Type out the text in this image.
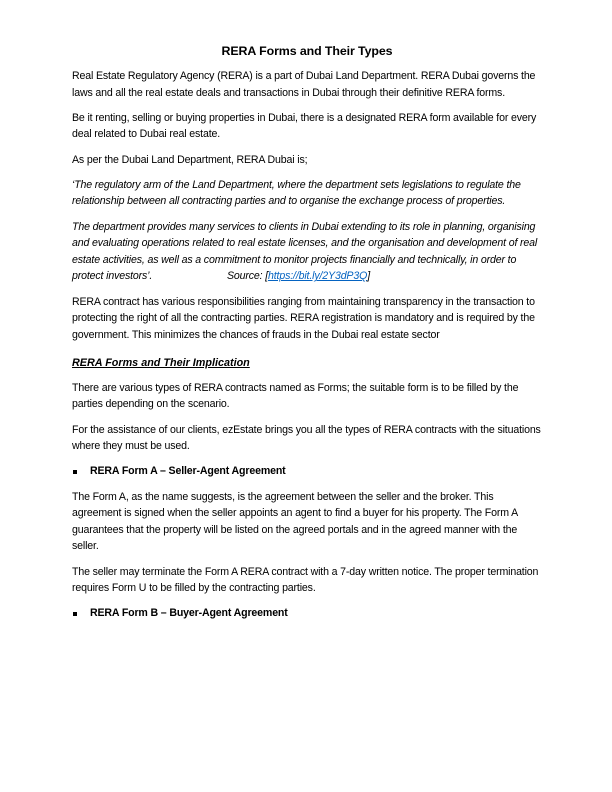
RERA Forms and Their Types

Real Estate Regulatory Agency (RERA) is a part of Dubai Land Department. RERA Dubai governs the laws and all the real estate deals and transactions in Dubai through their definitive RERA forms.

Be it renting, selling or buying properties in Dubai, there is a designated RERA form available for every deal related to Dubai real estate.

As per the Dubai Land Department, RERA Dubai is;

‘The regulatory arm of the Land Department, where the department sets legislations to regulate the relationship between all contracting parties and to organise the exchange process of properties.

The department provides many services to clients in Dubai extending to its role in planning, organising and evaluating operations related to real estate licenses, and the organisation and development of real estate activities, as well as a commitment to monitor projects financially and technically, in order to protect investors’.	Source: [https://bit.ly/2Y3dP3Q]

RERA contract has various responsibilities ranging from maintaining transparency in the transaction to protecting the right of all the contracting parties. RERA registration is mandatory and is required by the government. This minimizes the chances of frauds in the Dubai real estate sector

RERA Forms and Their Implication

There are various types of RERA contracts named as Forms; the suitable form is to be filled by the parties depending on the scenario.

For the assistance of our clients, ezEstate brings you all the types of RERA contracts with the situations where they must be used.

RERA Form A – Seller-Agent Agreement

The Form A, as the name suggests, is the agreement between the seller and the broker. This agreement is signed when the seller appoints an agent to find a buyer for his property. The Form A guarantees that the property will be listed on the agreed portals and in the agreed manner with the seller.

The seller may terminate the Form A RERA contract with a 7-day written notice. The proper termination requires Form U to be filled by the contracting parties.

RERA Form B – Buyer-Agent Agreement
